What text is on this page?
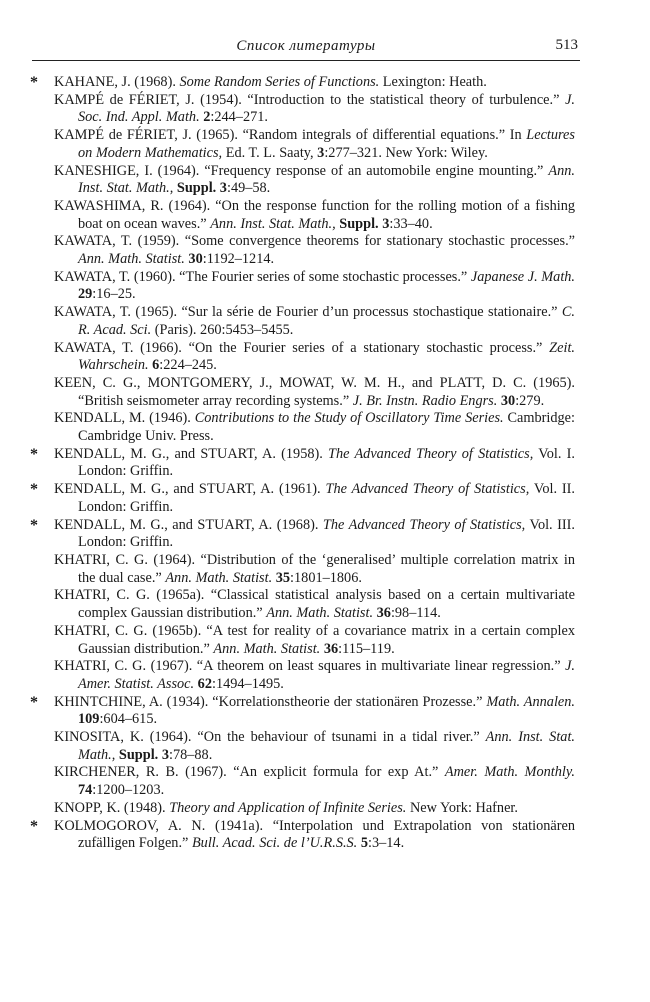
Список литературы	513
* KAHANE, J. (1968). Some Random Series of Functions. Lexington: Heath.
KAMPÉ de FÉRIET, J. (1954). “Introduction to the statistical theory of turbulence.” J. Soc. Ind. Appl. Math. 2:244–271.
KAMPÉ de FÉRIET, J. (1965). “Random integrals of differential equations.” In Lectures on Modern Mathematics, Ed. T. L. Saaty, 3:277–321. New York: Wiley.
KANESHIGE, I. (1964). “Frequency response of an automobile engine mounting.” Ann. Inst. Stat. Math., Suppl. 3:49–58.
KAWASHIMA, R. (1964). “On the response function for the rolling motion of a fishing boat on ocean waves.” Ann. Inst. Stat. Math., Suppl. 3:33–40.
KAWATA, T. (1959). “Some convergence theorems for stationary stochastic processes.” Ann. Math. Statist. 30:1192–1214.
KAWATA, T. (1960). “The Fourier series of some stochastic processes.” Japanese J. Math. 29:16–25.
KAWATA, T. (1965). “Sur la série de Fourier d’un processus stochastique stationaire.” C. R. Acad. Sci. (Paris). 260:5453–5455.
KAWATA, T. (1966). “On the Fourier series of a stationary stochastic process.” Zeit. Wahrschein. 6:224–245.
KEEN, C. G., MONTGOMERY, J., MOWAT, W. M. H., and PLATT, D. C. (1965). “British seismometer array recording systems.” J. Br. Instn. Radio Engrs. 30:279.
KENDALL, M. (1946). Contributions to the Study of Oscillatory Time Series. Cambridge: Cambridge Univ. Press.
* KENDALL, M. G., and STUART, A. (1958). The Advanced Theory of Statistics, Vol. I. London: Griffin.
* KENDALL, M. G., and STUART, A. (1961). The Advanced Theory of Statistics, Vol. II. London: Griffin.
* KENDALL, M. G., and STUART, A. (1968). The Advanced Theory of Statistics, Vol. III. London: Griffin.
KHATRI, C. G. (1964). “Distribution of the ‘generalised’ multiple correlation matrix in the dual case.” Ann. Math. Statist. 35:1801–1806.
KHATRI, C. G. (1965a). “Classical statistical analysis based on a certain multivariate complex Gaussian distribution.” Ann. Math. Statist. 36:98–114.
KHATRI, C. G. (1965b). “A test for reality of a covariance matrix in a certain complex Gaussian distribution.” Ann. Math. Statist. 36:115–119.
KHATRI, C. G. (1967). “A theorem on least squares in multivariate linear regression.” J. Amer. Statist. Assoc. 62:1494–1495.
* KHINTCHINE, A. (1934). “Korrelationstheorie der stationären Prozesse.” Math. Annalen. 109:604–615.
KINOSITA, K. (1964). “On the behaviour of tsunami in a tidal river.” Ann. Inst. Stat. Math., Suppl. 3:78–88.
KIRCHENER, R. B. (1967). “An explicit formula for exp At.” Amer. Math. Monthly. 74:1200–1203.
KNOPP, K. (1948). Theory and Application of Infinite Series. New York: Hafner.
* KOLMOGOROV, A. N. (1941a). “Interpolation und Extrapolation von stationären zufälligen Folgen.” Bull. Acad. Sci. de l’U.R.S.S. 5:3–14.
